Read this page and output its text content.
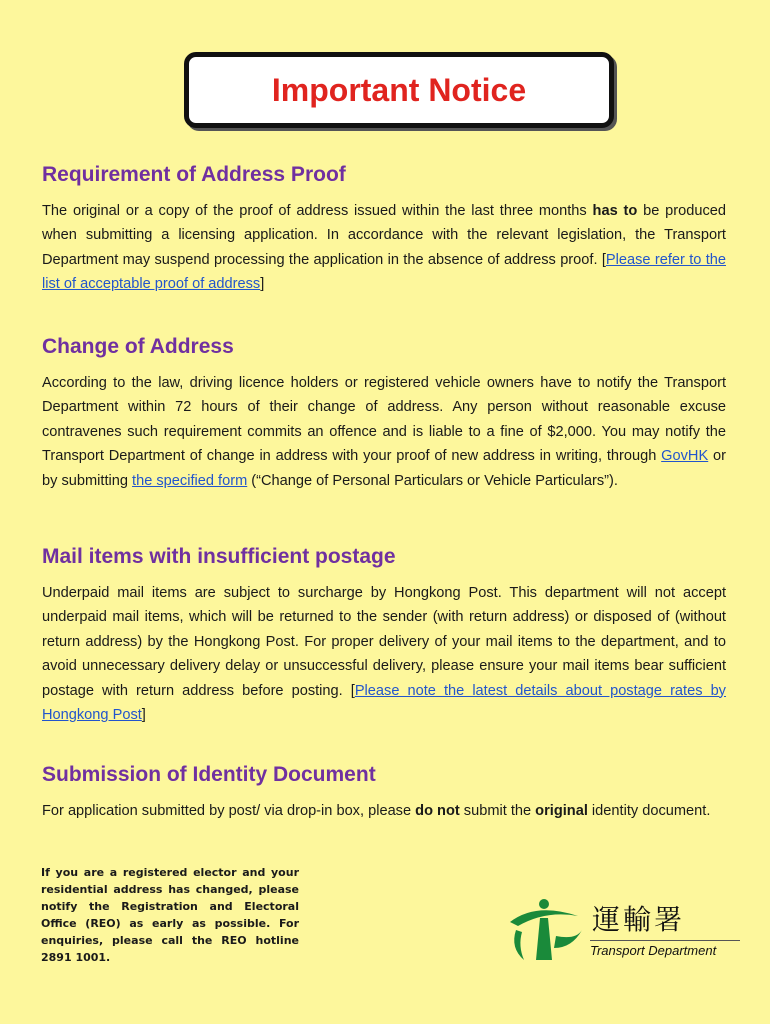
Important Notice
Requirement of Address Proof

The original or a copy of the proof of address issued within the last three months has to be produced when submitting a licensing application. In accordance with the relevant legislation, the Transport Department may suspend processing the application in the absence of address proof. [Please refer to the list of acceptable proof of address]

Change of Address

According to the law, driving licence holders or registered vehicle owners have to notify the Transport Department within 72 hours of their change of address. Any person without reasonable excuse contravenes such requirement commits an offence and is liable to a fine of $2,000. You may notify the Transport Department of change in address with your proof of new address in writing, through GovHK or by submitting the specified form (“Change of Personal Particulars or Vehicle Particulars”).

Mail items with insufficient postage

Underpaid mail items are subject to surcharge by Hongkong Post. This department will not accept underpaid mail items, which will be returned to the sender (with return address) or disposed of (without return address) by the Hongkong Post. For proper delivery of your mail items to the department, and to avoid unnecessary delivery delay or unsuccessful delivery, please ensure your mail items bear sufficient postage with return address before posting. [Please note the latest details about postage rates by Hongkong Post]

Submission of Identity Document

For application submitted by post/ via drop-in box, please do not submit the original identity document.

If you are a registered elector and your residential address has changed, please notify the Registration and Electoral Office (REO) as early as possible. For enquiries, please call the REO hotline 2891 1001.
運輸署
Transport Department
